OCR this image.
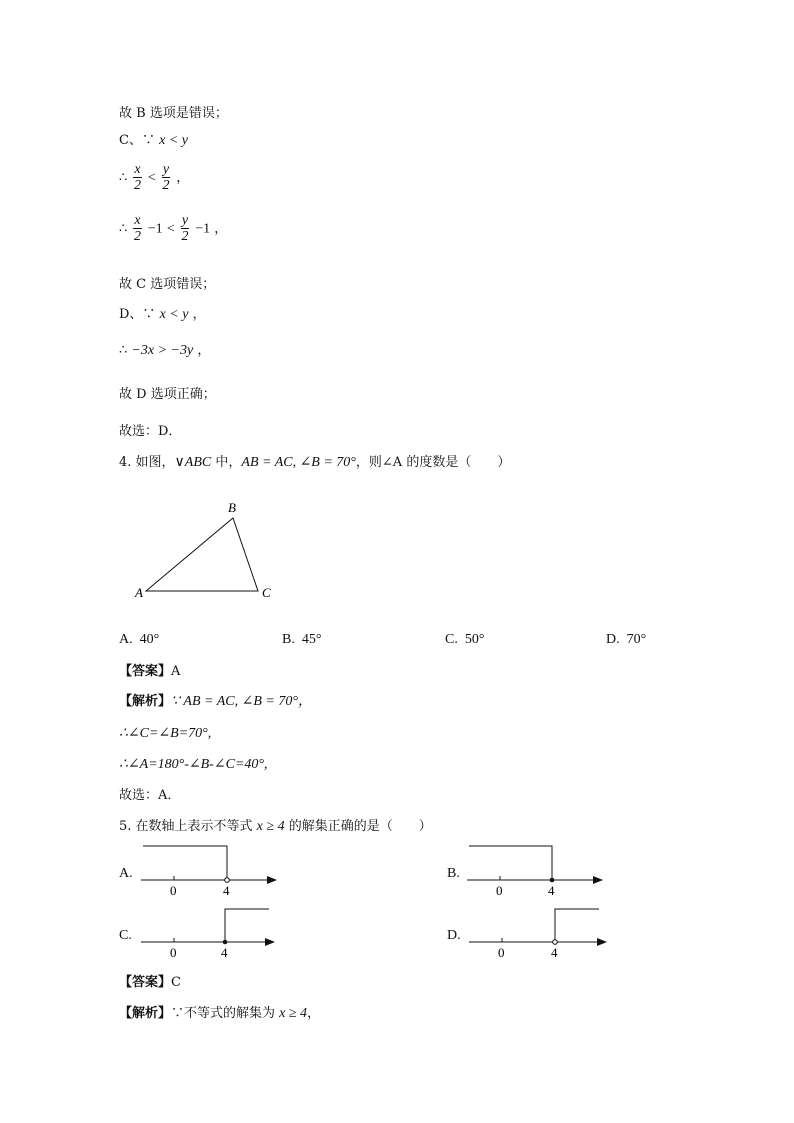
故 B 选项是错误；
C、∵ x < y
∴ $\frac{x}{2} < \frac{y}{2}$ ，
∴ $\frac{x}{2} -1 < \frac{y}{2} -1$ ，
故 C 选项错误；
D、∵ x < y ，
∴ −3x > −3y ，
故 D 选项正确；
故选：D．
4. 如图，∨ABC 中，AB = AC, ∠B = 70°，则∠A 的度数是（　　）
A
B
C
A. 40°	B. 45°	C. 50°	D. 70°
【答案】A
【解析】∵ AB = AC, ∠B = 70°，
∴∠C=∠B=70°,
∴∠A=180°-∠B-∠C=40°,
故选：A．
5. 在数轴上表示不等式 x ≥ 4 的解集正确的是（　　）
A.
0	4
B.
0	4
C.
0	4
D.
0	4
【答案】C
【解析】∵不等式的解集为 x ≥ 4，
